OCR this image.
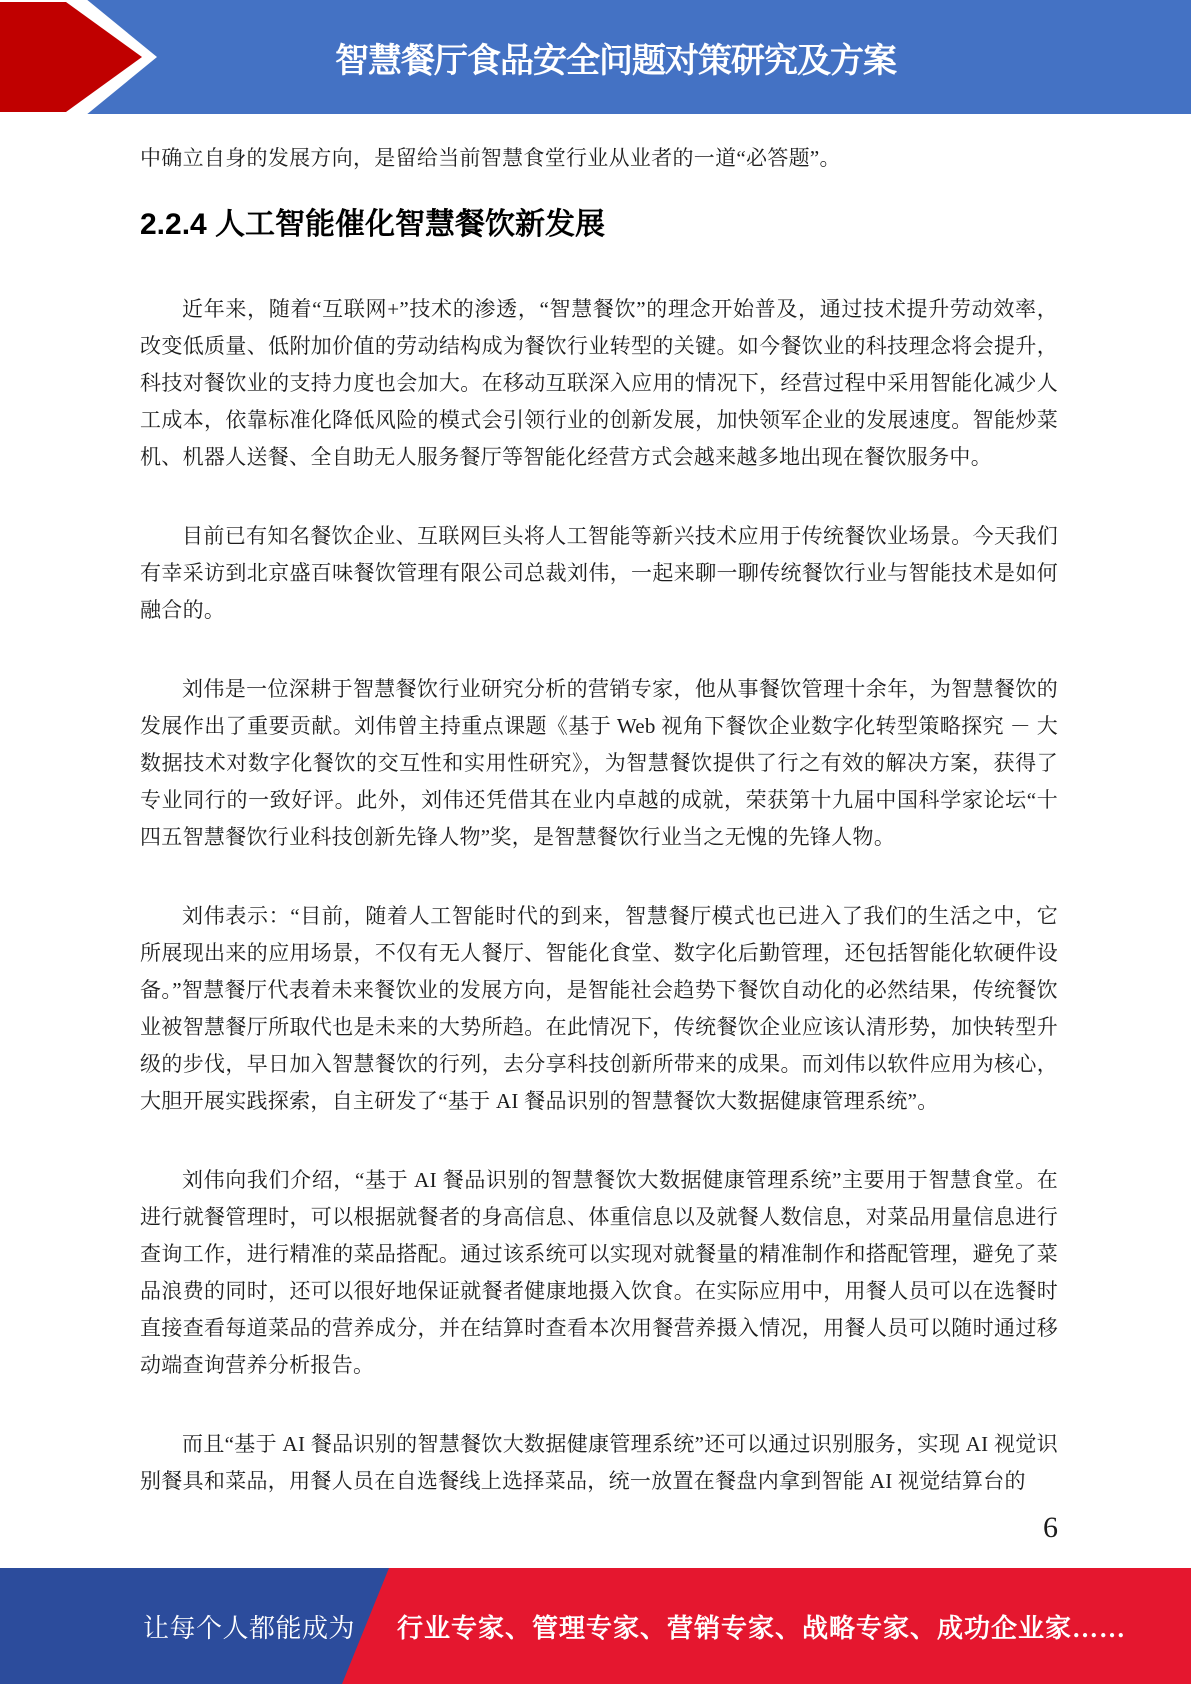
智慧餐厅食品安全问题对策研究及方案

中确立自身的发展方向，是留给当前智慧食堂行业从业者的一道“必答题”。

2.2.4 人工智能催化智慧餐饮新发展

近年来，随着“互联网+”技术的渗透，“智慧餐饮”的理念开始普及，通过技术提升劳动效率，改变低质量、低附加价值的劳动结构成为餐饮行业转型的关键。如今餐饮业的科技理念将会提升，科技对餐饮业的支持力度也会加大。在移动互联深入应用的情况下，经营过程中采用智能化减少人工成本，依靠标准化降低风险的模式会引领行业的创新发展，加快领军企业的发展速度。智能炒菜机、机器人送餐、全自助无人服务餐厅等智能化经营方式会越来越多地出现在餐饮服务中。

目前已有知名餐饮企业、互联网巨头将人工智能等新兴技术应用于传统餐饮业场景。今天我们有幸采访到北京盛百味餐饮管理有限公司总裁刘伟，一起来聊一聊传统餐饮行业与智能技术是如何融合的。

刘伟是一位深耕于智慧餐饮行业研究分析的营销专家，他从事餐饮管理十余年，为智慧餐饮的发展作出了重要贡献。刘伟曾主持重点课题《基于 Web 视角下餐饮企业数字化转型策略探究 － 大数据技术对数字化餐饮的交互性和实用性研究》，为智慧餐饮提供了行之有效的解决方案，获得了专业同行的一致好评。此外，刘伟还凭借其在业内卓越的成就，荣获第十九届中国科学家论坛“十四五智慧餐饮行业科技创新先锋人物”奖，是智慧餐饮行业当之无愧的先锋人物。

刘伟表示：“目前，随着人工智能时代的到来，智慧餐厅模式也已进入了我们的生活之中，它所展现出来的应用场景，不仅有无人餐厅、智能化食堂、数字化后勤管理，还包括智能化软硬件设备。”智慧餐厅代表着未来餐饮业的发展方向，是智能社会趋势下餐饮自动化的必然结果，传统餐饮业被智慧餐厅所取代也是未来的大势所趋。在此情况下，传统餐饮企业应该认清形势，加快转型升级的步伐，早日加入智慧餐饮的行列，去分享科技创新所带来的成果。而刘伟以软件应用为核心，大胆开展实践探索，自主研发了“基于 AI 餐品识别的智慧餐饮大数据健康管理系统”。

刘伟向我们介绍，“基于 AI 餐品识别的智慧餐饮大数据健康管理系统”主要用于智慧食堂。在进行就餐管理时，可以根据就餐者的身高信息、体重信息以及就餐人数信息，对菜品用量信息进行查询工作，进行精准的菜品搭配。通过该系统可以实现对就餐量的精准制作和搭配管理，避免了菜品浪费的同时，还可以很好地保证就餐者健康地摄入饮食。在实际应用中，用餐人员可以在选餐时直接查看每道菜品的营养成分，并在结算时查看本次用餐营养摄入情况，用餐人员可以随时通过移动端查询营养分析报告。

而且“基于 AI 餐品识别的智慧餐饮大数据健康管理系统”还可以通过识别服务，实现 AI 视觉识别餐具和菜品，用餐人员在自选餐线上选择菜品，统一放置在餐盘内拿到智能 AI 视觉结算台的

6
让每个人都能成为 行业专家、管理专家、营销专家、战略专家、成功企业家……
